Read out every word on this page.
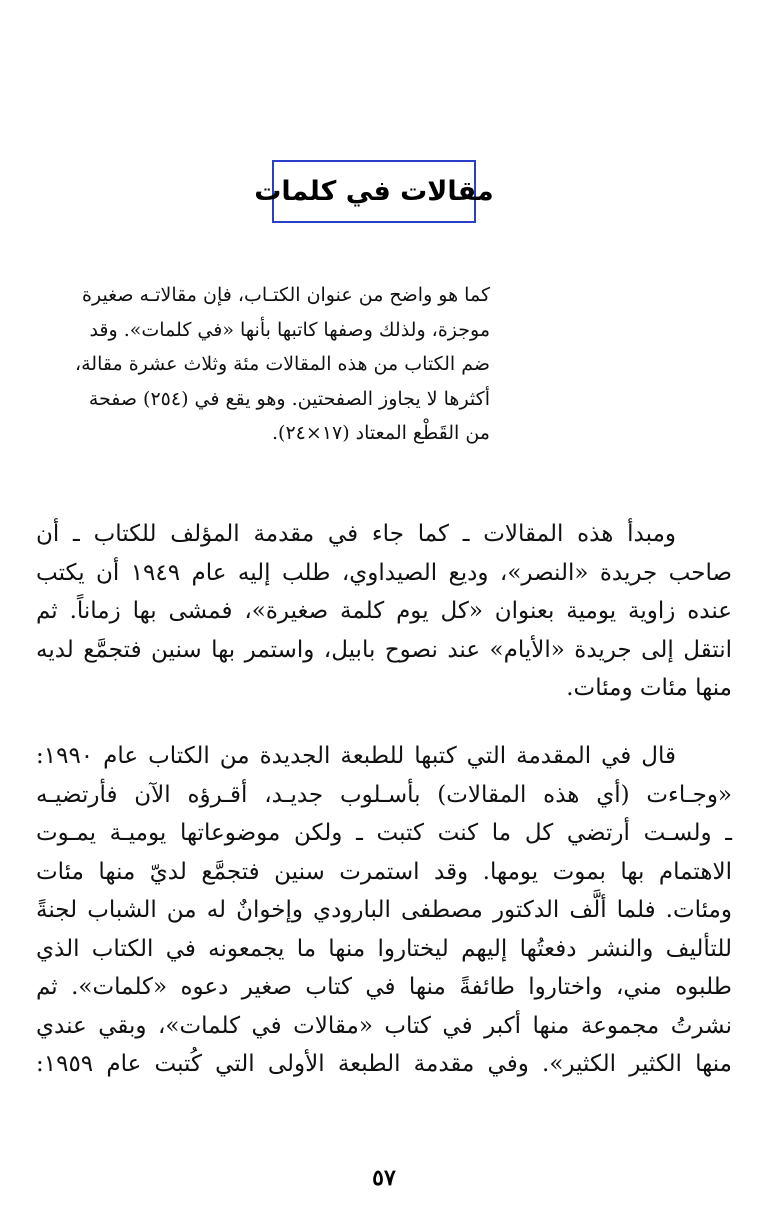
مقالات في كلمات
كما هو واضح من عنوان الكتـاب، فإن مقالاتـه صغيرة
موجزة، ولذلك وصفها كاتبها بأنها «في كلمات». وقد
ضم الكتاب من هذه المقالات مئة وثلاث عشرة مقالة،
أكثرها لا يجاوز الصفحتين. وهو يقع في (٢٥٤) صفحة
من القَطْع المعتاد (١٧×٢٤).
ومبدأ هذه المقالات ـ كما جاء في مقدمة المؤلف للكتاب ـ أن
صاحب جريدة «النصر»، وديع الصيداوي، طلب إليه عام ١٩٤٩ أن يكتب
عنده زاوية يومية بعنوان «كل يوم كلمة صغيرة»، فمشى بها زماناً. ثم
انتقل إلى جريدة «الأيام» عند نصوح بابيل، واستمر بها سنين فتجمَّع لديه
منها مئات ومئات.
قال في المقدمة التي كتبها للطبعة الجديدة من الكتاب عام ١٩٩٠:
«وجـاءت (أي هذه المقالات) بأسـلوب جديـد، أقـرؤه الآن فأرتضيـه
ـ ولسـت أرتضي كل ما كنت كتبت ـ ولكن موضوعاتها يوميـة يمـوت
الاهتمام بها بموت يومها. وقد استمرت سنين فتجمَّع لديّ منها مئات
ومئات. فلما ألَّف الدكتور مصطفى البارودي وإخوانٌ له من الشباب لجنةً
للتأليف والنشر دفعتُها إليهم ليختاروا منها ما يجمعونه في الكتاب الذي
طلبوه مني، واختاروا طائفةً منها في كتاب صغير دعوه «كلمات». ثم
نشرتُ مجموعة منها أكبر في كتاب «مقالات في كلمات»، وبقي عندي
منها الكثير الكثير». وفي مقدمة الطبعة الأولى التي كُتبت عام ١٩٥٩:
٥٧
